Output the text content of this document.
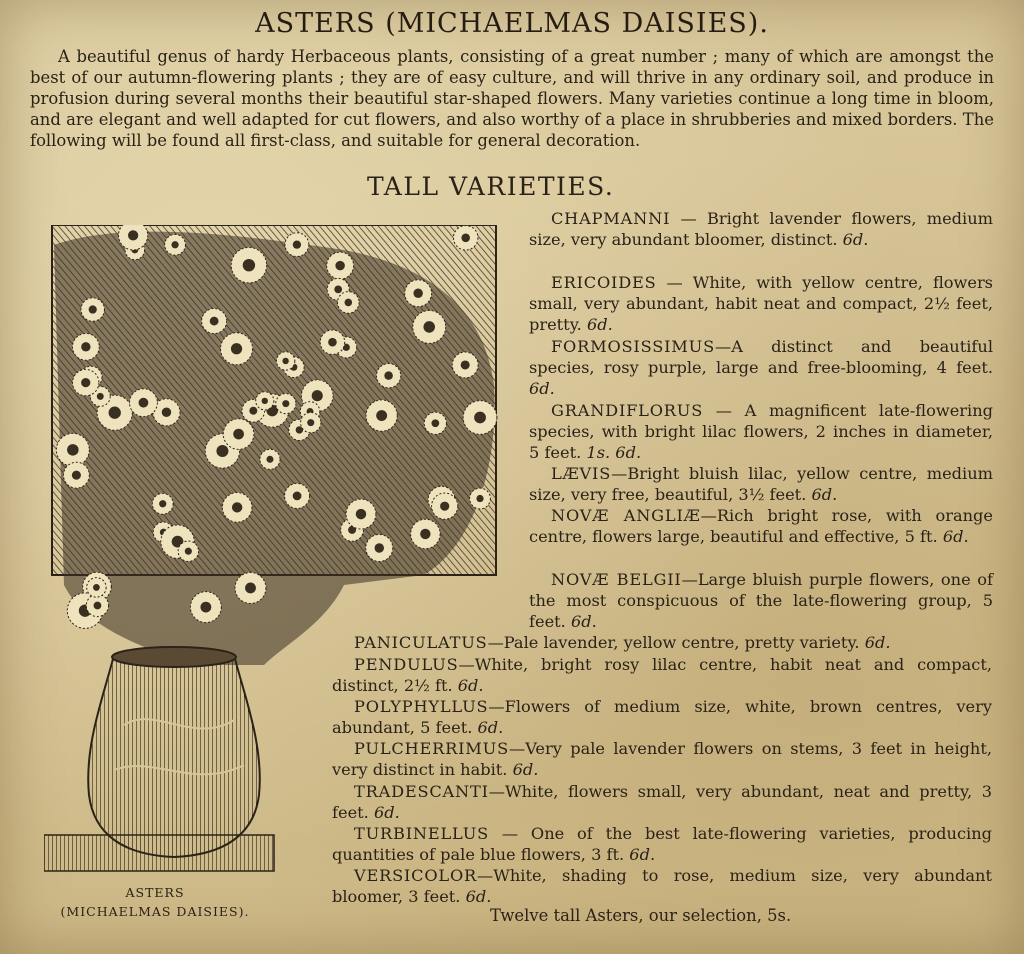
ASTERS (MICHAELMAS DAISIES).
A beautiful genus of hardy Herbaceous plants, consisting of a great number ; many of which are amongst the best of our autumn-flowering plants ; they are of easy culture, and will thrive in any ordinary soil, and produce in profusion during several months their beautiful star-shaped flowers. Many varieties continue a long time in bloom, and are elegant and well adapted for cut flowers, and also worthy of a place in shrubberies and mixed borders. The following will be found all first-class, and suitable for general decoration.
TALL VARIETIES.
CHAPMANNI — Bright lavender flowers, medium size, very abundant bloomer, distinct. 6d.
ERICOIDES — White, with yellow centre, flowers small, very abundant, habit neat and compact, 2½ feet, pretty. 6d.
FORMOSISSIMUS—A distinct and beautiful species, rosy purple, large and free-blooming, 4 feet. 6d.
GRANDIFLORUS — A magnificent late-flowering species, with bright lilac flowers, 2 inches in diameter, 5 feet. 1s. 6d.
LÆVIS—Bright bluish lilac, yellow centre, medium size, very free, beautiful, 3½ feet. 6d.
NOVÆ ANGLIÆ—Rich bright rose, with orange centre, flowers large, beautiful and effective, 5 ft. 6d.
NOVÆ BELGII—Large bluish purple flowers, one of the most conspicuous of the late-flowering group, 5 feet. 6d.
PANICULATUS—Pale lavender, yellow centre, pretty variety. 6d.
PENDULUS—White, bright rosy lilac centre, habit neat and compact, distinct, 2½ ft. 6d.
POLYPHYLLUS—Flowers of medium size, white, brown centres, very abundant, 5 feet. 6d.
PULCHERRIMUS—Very pale lavender flowers on stems, 3 feet in height, very distinct in habit. 6d.
TRADESCANTI—White, flowers small, very abundant, neat and pretty, 3 feet. 6d.
TURBINELLUS — One of the best late-flowering varieties, producing quantities of pale blue flowers, 3 ft. 6d.
VERSICOLOR—White, shading to rose, medium size, very abundant bloomer, 3 feet. 6d.
Twelve tall Asters, our selection, 5s.
ASTERS
(MICHAELMAS DAISIES).
